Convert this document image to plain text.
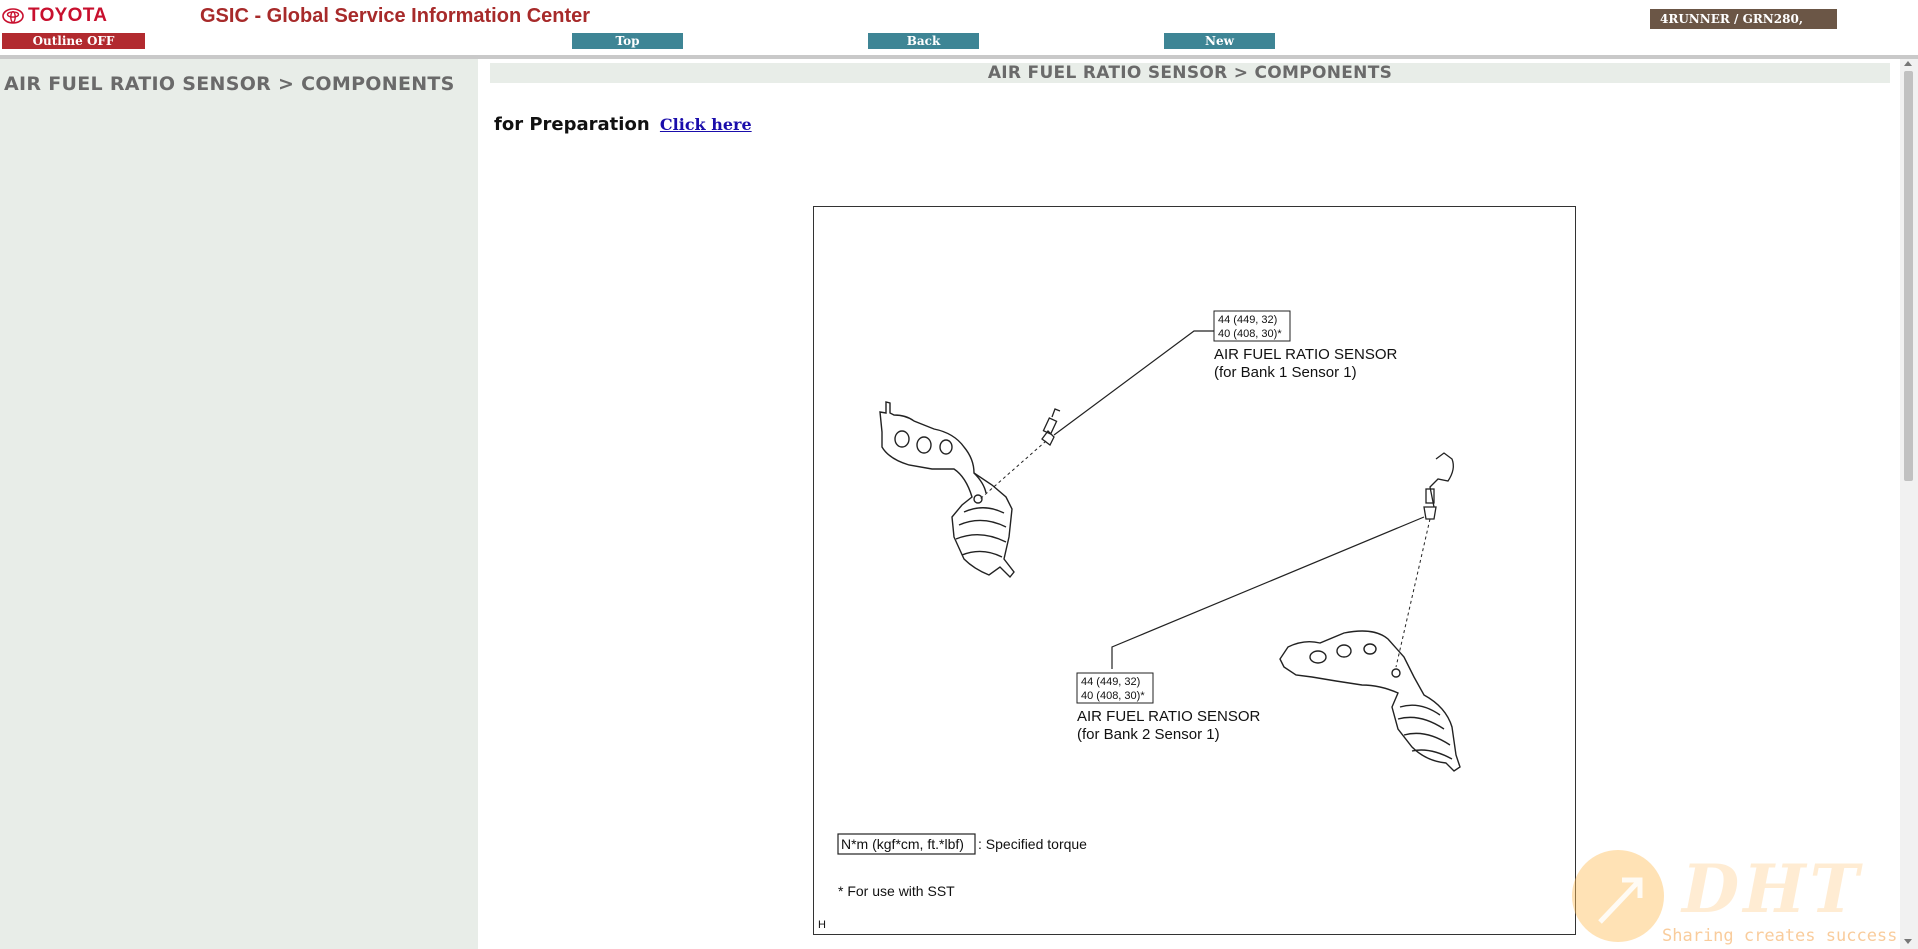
TOYOTA	GSIC - Global Service Information Center
Outline OFF	Top	Back	New
4RUNNER / GRN280,
AIR FUEL RATIO SENSOR > COMPONENTS	AIR FUEL RATIO SENSOR > COMPONENTS
for Preparation Click here
44 (449, 32)
40 (408, 30)*
AIR FUEL RATIO SENSOR
(for Bank 1 Sensor 1)
44 (449, 32)
40 (408, 30)*
AIR FUEL RATIO SENSOR
(for Bank 2 Sensor 1)
N*m (kgf*cm, ft.*lbf) : Specified torque
* For use with SST
H	DHT
Sharing creates success
